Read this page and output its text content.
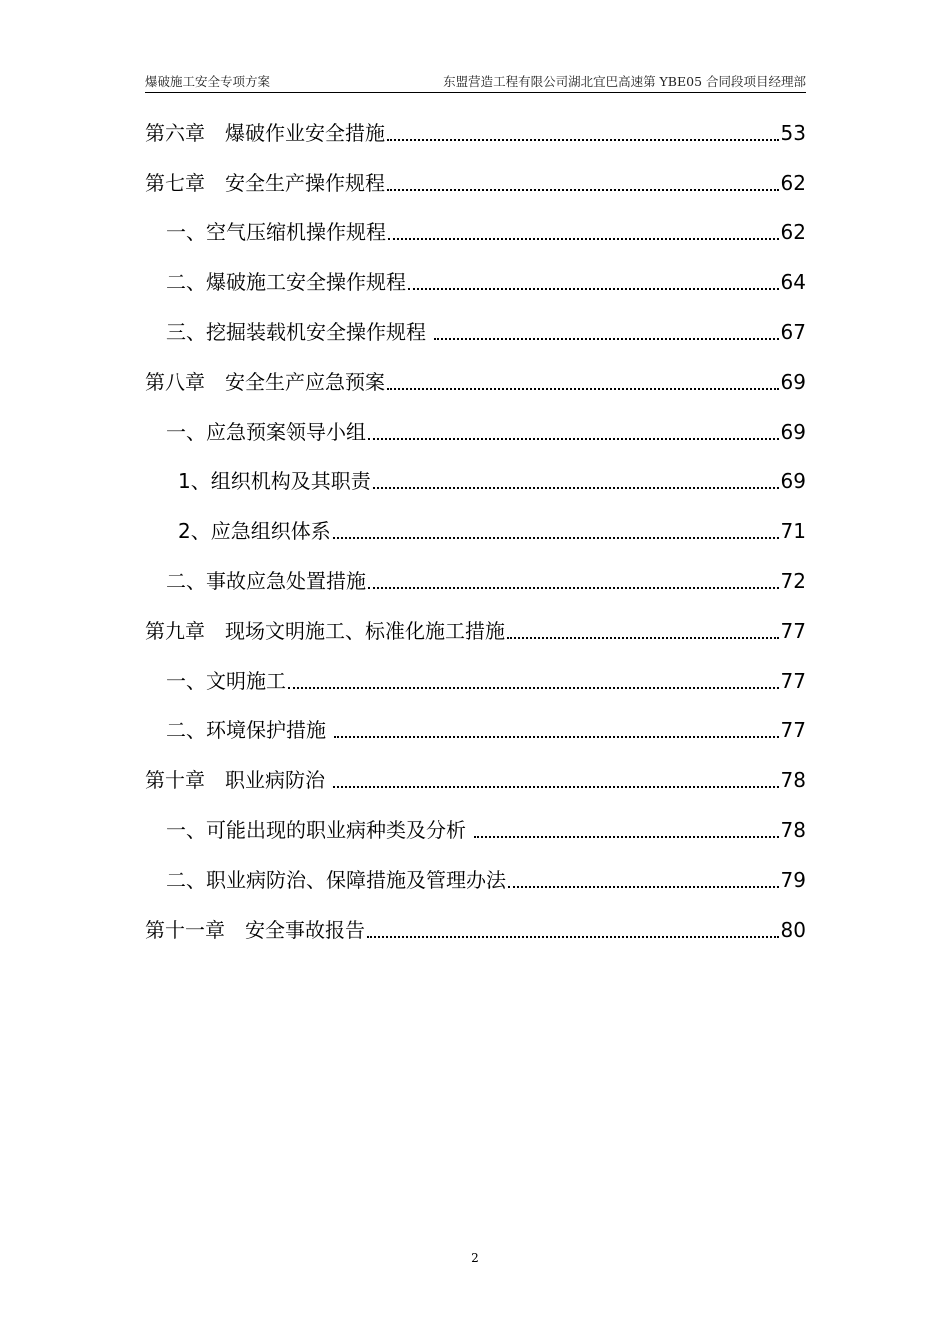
爆破施工安全专项方案	东盟营造工程有限公司湖北宜巴高速第 YBE05 合同段项目经理部
第六章　爆破作业安全措施	53
第七章　安全生产操作规程	62
一、空气压缩机操作规程	62
二、爆破施工安全操作规程	64
三、挖掘装载机安全操作规程	67
第八章　安全生产应急预案	69
一、应急预案领导小组	69
1、组织机构及其职责	69
2、应急组织体系	71
二、事故应急处置措施	72
第九章　现场文明施工、标准化施工措施	77
一、文明施工	77
二、环境保护措施	77
第十章　职业病防治	78
一、可能出现的职业病种类及分析	78
二、职业病防治、保障措施及管理办法	79
第十一章　安全事故报告	80
2
